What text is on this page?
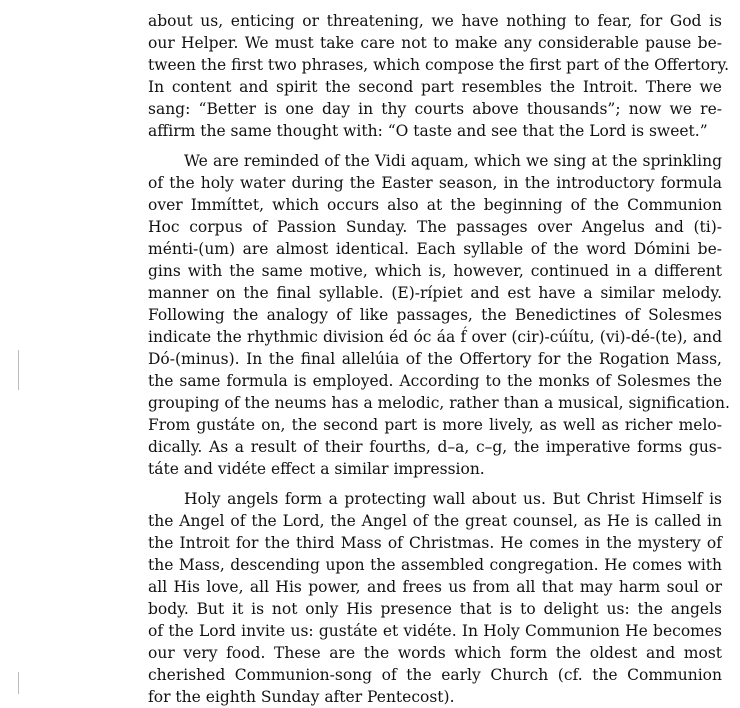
about us, enticing or threatening, we have nothing to fear, for God is
our Helper. We must take care not to make any considerable pause be-
tween the first two phrases, which compose the first part of the Offertory.
In content and spirit the second part resembles the Introit. There we
sang: “Better is one day in thy courts above thousands”; now we re-
affirm the same thought with: “O taste and see that the Lord is sweet.”

We are reminded of the Vidi aquam, which we sing at the sprinkling
of the holy water during the Easter season, in the introductory formula
over Immíttet, which occurs also at the beginning of the Communion
Hoc corpus of Passion Sunday. The passages over Angelus and (ti)-
ménti-(um) are almost identical. Each syllable of the word Dómini be-
gins with the same motive, which is, however, continued in a different
manner on the final syllable. (E)-rípiet and est have a similar melody.
Following the analogy of like passages, the Benedictines of Solesmes
indicate the rhythmic division éd óc áa f́ over (cir)-cúítu, (vi)-dé-(te), and
Dó-(minus). In the final allelúia of the Offertory for the Rogation Mass,
the same formula is employed. According to the monks of Solesmes the
grouping of the neums has a melodic, rather than a musical, signification.
From gustáte on, the second part is more lively, as well as richer melo-
dically. As a result of their fourths, d–a, c–g, the imperative forms gus-
táte and vidéte effect a similar impression.

Holy angels form a protecting wall about us. But Christ Himself is
the Angel of the Lord, the Angel of the great counsel, as He is called in
the Introit for the third Mass of Christmas. He comes in the mystery of
the Mass, descending upon the assembled congregation. He comes with
all His love, all His power, and frees us from all that may harm soul or
body. But it is not only His presence that is to delight us: the angels
of the Lord invite us: gustáte et vidéte. In Holy Communion He becomes
our very food. These are the words which form the oldest and most
cherished Communion-song of the early Church (cf. the Communion
for the eighth Sunday after Pentecost).
